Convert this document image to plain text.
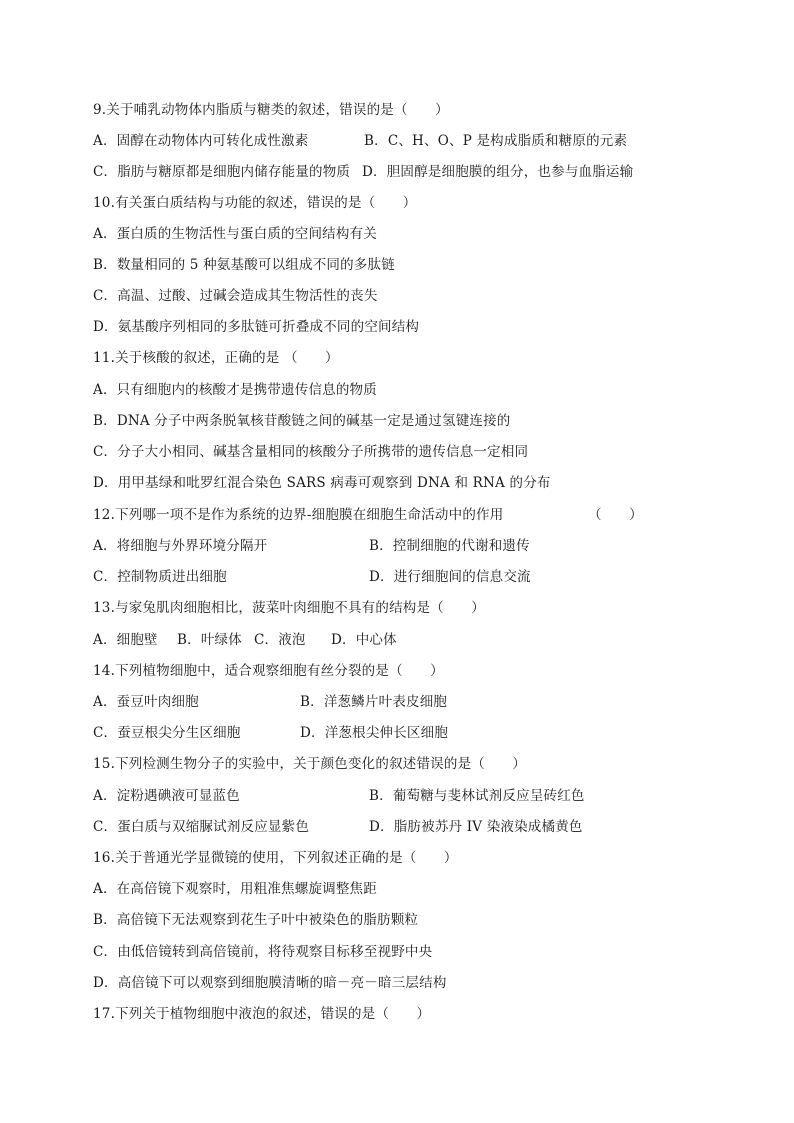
9.关于哺乳动物体内脂质与糖类的叙述，错误的是（　　）
A．固醇在动物体内可转化成性激素	B．C、H、O、P 是构成脂质和糖原的元素
C．脂肪与糖原都是细胞内储存能量的物质 D．胆固醇是细胞膜的组分，也参与血脂运输
10.有关蛋白质结构与功能的叙述，错误的是（　　）
A．蛋白质的生物活性与蛋白质的空间结构有关
B．数量相同的 5 种氨基酸可以组成不同的多肽链
C．高温、过酸、过碱会造成其生物活性的丧失
D．氨基酸序列相同的多肽链可折叠成不同的空间结构
11.关于核酸的叙述，正确的是 （　　）
A．只有细胞内的核酸才是携带遗传信息的物质
B．DNA 分子中两条脱氧核苷酸链之间的碱基一定是通过氢键连接的
C．分子大小相同、碱基含量相同的核酸分子所携带的遗传信息一定相同
D．用甲基绿和吡罗红混合染色 SARS 病毒可观察到 DNA 和 RNA 的分布
12.下列哪一项不是作为系统的边界-细胞膜在细胞生命活动中的作用	（　　）
A．将细胞与外界环境分隔开	B．控制细胞的代谢和遗传
C．控制物质进出细胞	D．进行细胞间的信息交流
13.与家兔肌肉细胞相比，菠菜叶肉细胞不具有的结构是（　　）
A．细胞壁 B．叶绿体 C．液泡 D．中心体
14.下列植物细胞中，适合观察细胞有丝分裂的是（　　）
A．蚕豆叶肉细胞	B．洋葱鳞片叶表皮细胞
C．蚕豆根尖分生区细胞	D．洋葱根尖伸长区细胞
15.下列检测生物分子的实验中，关于颜色变化的叙述错误的是（　　）
A．淀粉遇碘液可显蓝色	B．葡萄糖与斐林试剂反应呈砖红色
C．蛋白质与双缩脲试剂反应显紫色	D．脂肪被苏丹 IV 染液染成橘黄色
16.关于普通光学显微镜的使用，下列叙述正确的是（　　）
A．在高倍镜下观察时，用粗准焦螺旋调整焦距
B．高倍镜下无法观察到花生子叶中被染色的脂肪颗粒
C．由低倍镜转到高倍镜前，将待观察目标移至视野中央
D．高倍镜下可以观察到细胞膜清晰的暗－亮－暗三层结构
17.下列关于植物细胞中液泡的叙述，错误的是（　　）
